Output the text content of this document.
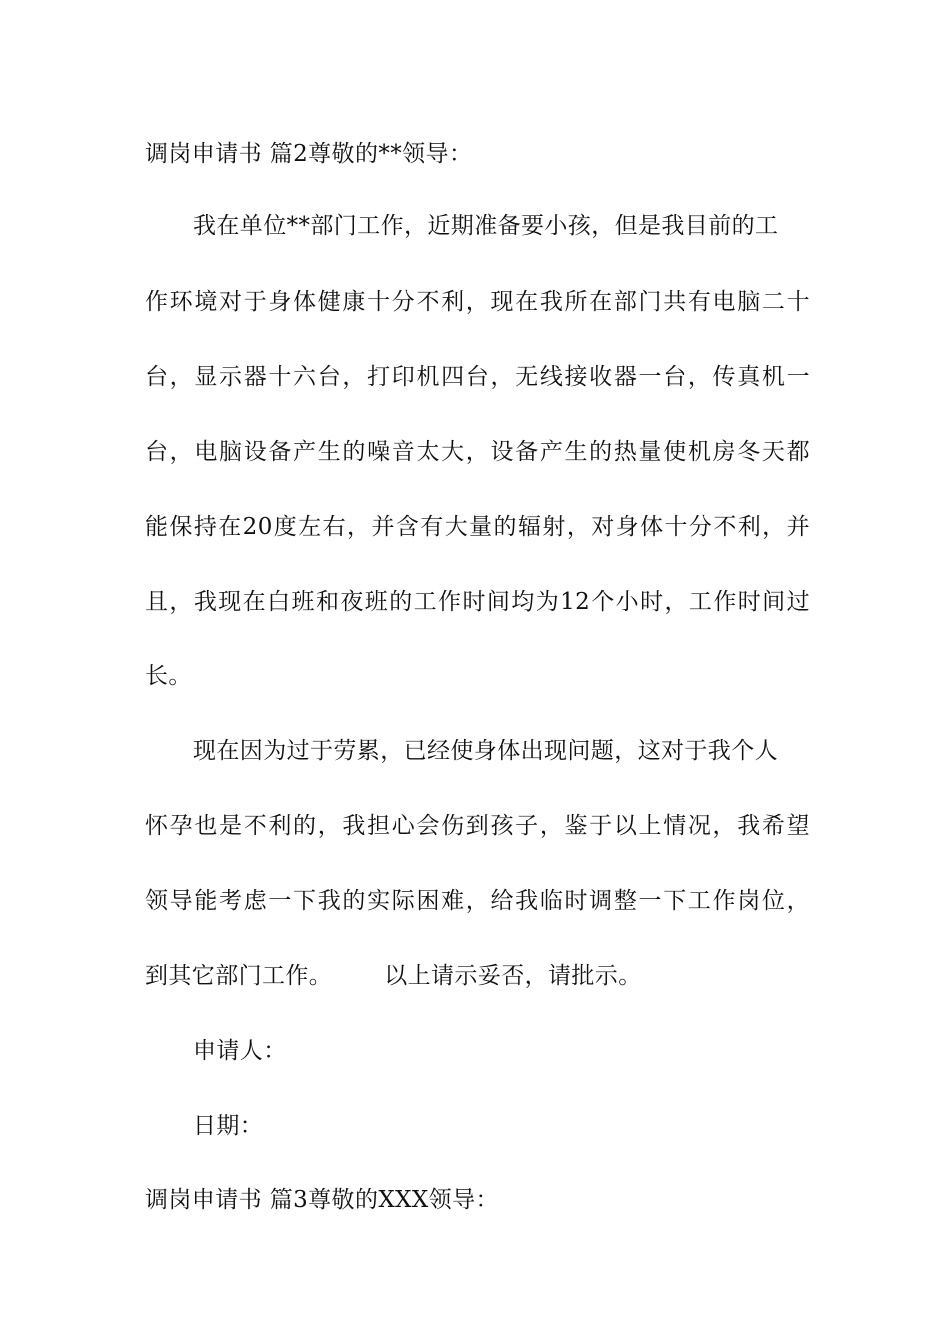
调岗申请书 篇2尊敬的**领导：
我在单位**部门工作，近期准备要小孩，但是我目前的工
作环境对于身体健康十分不利，现在我所在部门共有电脑二十
台，显示器十六台，打印机四台，无线接收器一台，传真机一
台，电脑设备产生的噪音太大，设备产生的热量使机房冬天都
能保持在20度左右，并含有大量的辐射，对身体十分不利，并
且，我现在白班和夜班的工作时间均为12个小时，工作时间过
长。
现在因为过于劳累，已经使身体出现问题，这对于我个人
怀孕也是不利的，我担心会伤到孩子，鉴于以上情况，我希望
领导能考虑一下我的实际困难，给我临时调整一下工作岗位，
到其它部门工作。 以上请示妥否，请批示。
申请人：
日期：
调岗申请书 篇3尊敬的XXX领导：
